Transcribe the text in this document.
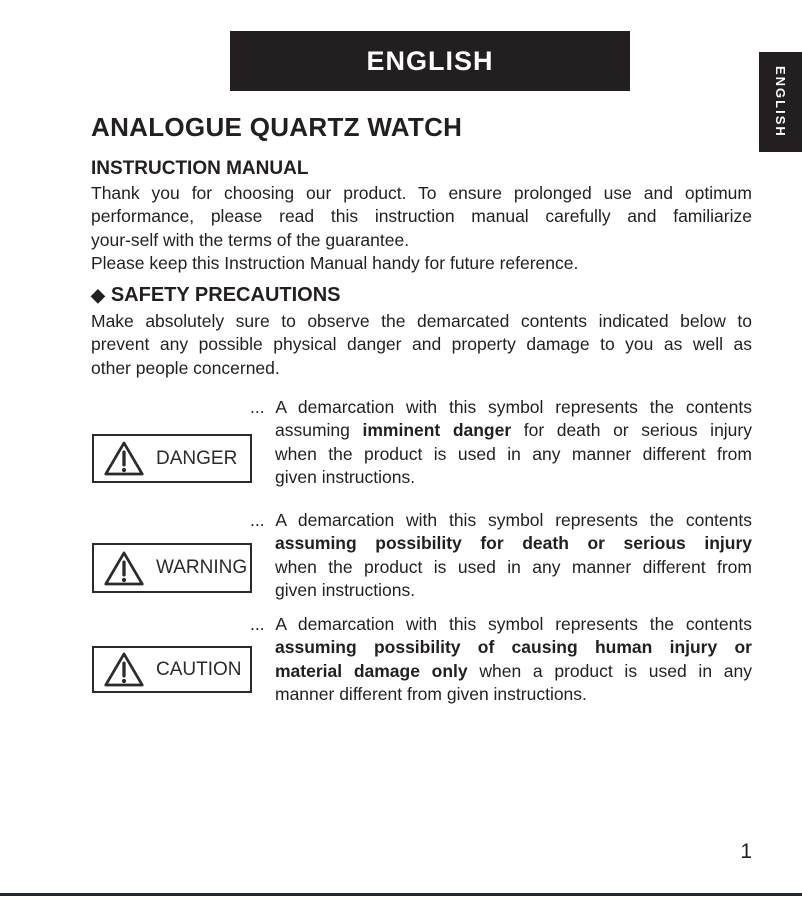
ENGLISH
ENGLISH
ANALOGUE QUARTZ WATCH
INSTRUCTION MANUAL
Thank you for choosing our product. To ensure prolonged use and optimum
performance, please read this instruction manual carefully and familiarize
your-self with the terms of the guarantee.
Please keep this Instruction Manual handy for future reference.
◆ SAFETY PRECAUTIONS
Make absolutely sure to observe the demarcated contents indicated below to
prevent any possible physical danger and property damage to you as well as
other people concerned.
DANGER
... A demarcation with this symbol represents the contents
assuming imminent danger for death or serious injury
when the product is used in any manner different from
given instructions.
WARNING
... A demarcation with this symbol represents the contents
assuming possibility for death or serious injury
when the product is used in any manner different from
given instructions.
CAUTION
... A demarcation with this symbol represents the contents
assuming possibility of causing human injury or
material damage only when a product is used in any
manner different from given instructions.
1
